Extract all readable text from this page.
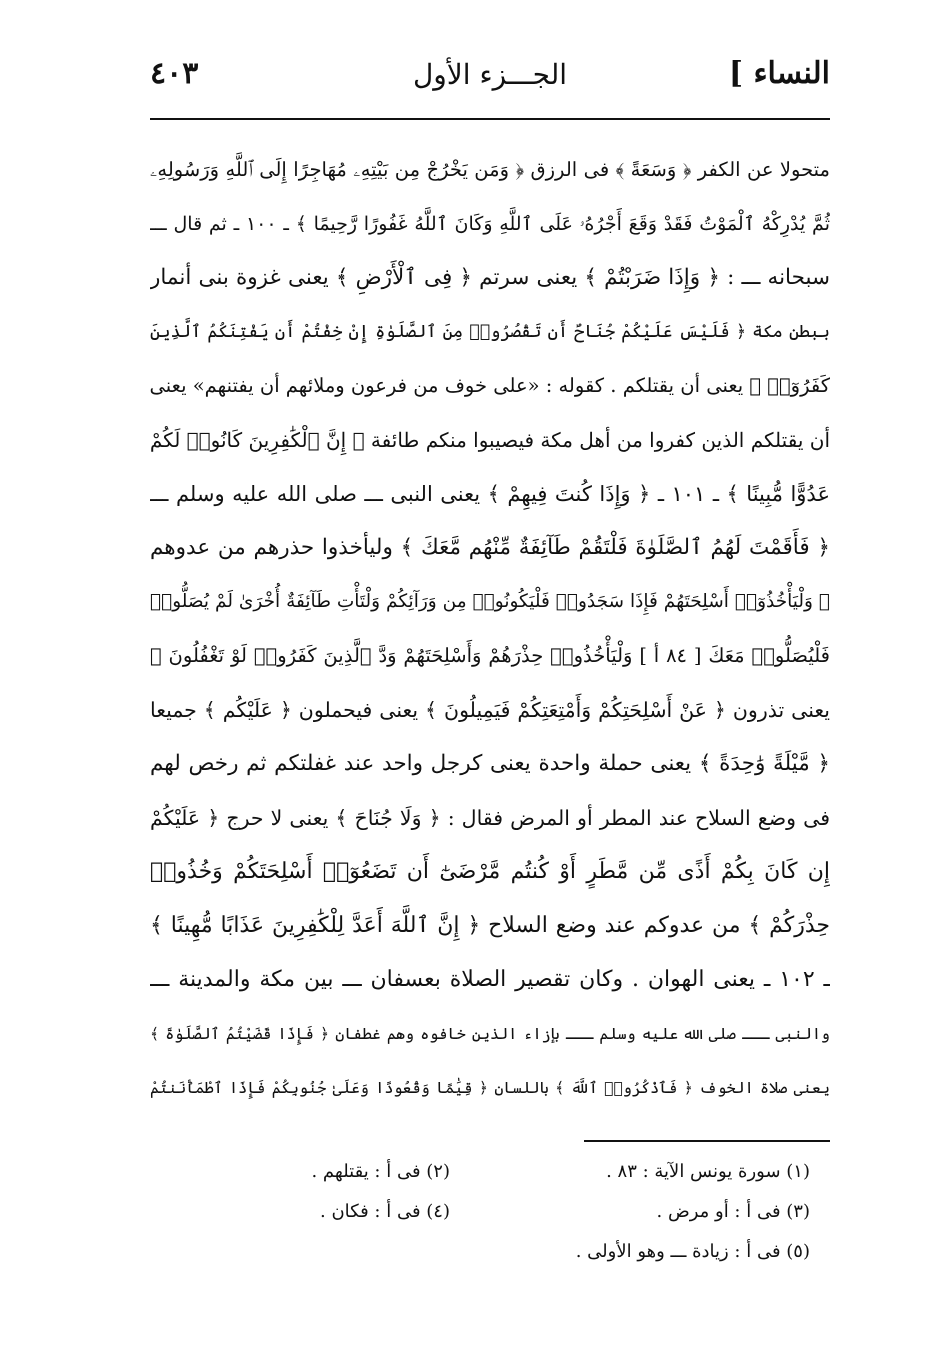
النساء ]
الجـــزء الأول
٤٠٣
متحولا عن الكفر ﴿ وَسَعَةً ﴾ فى الرزق ﴿ وَمَن يَخْرُجْ مِن بَيْتِهِۦ مُهَاجِرًا إِلَى ٱللَّهِ وَرَسُولِهِۦ
ثُمَّ يُدْرِكْهُ ٱلْمَوْتُ فَقَدْ وَقَعَ أَجْرُهُۥ عَلَى ٱللَّهِ وَكَانَ ٱللَّهُ غَفُورًا رَّحِيمًا ﴾ ـ ١٠٠ ـ ثم قال ـــ
سبحانه ـــ : ﴿ وَإِذَا ضَرَبْتُمْ ﴾ يعنى سرتم ﴿ فِى ٱلْأَرْضِ ﴾ يعنى غزوة بنى أنمار
ببطن مكة ﴿ فَلَيْسَ عَلَيْكُمْ جُنَاحٌ أَن تَقْصُرُوا۟ مِنَ ٱلصَّلَوٰةِ إِنْ خِفْتُمْ أَن يَفْتِنَكُمُ ٱلَّذِينَ
كَفَرُوٓا۟ ﴾ يعنى أن يقتلكم . كقوله : «على خوف من فرعون وملائهم أن يفتنهم» يعنى
أن يقتلكم الذين كفروا من أهل مكة فيصيبوا منكم طائفة ﴿ إِنَّ ٱلْكَٰفِرِينَ كَانُوا۟ لَكُمْ
عَدُوًّا مُّبِينًا ﴾ ـ ١٠١ ـ ﴿ وَإِذَا كُنتَ فِيهِمْ ﴾ يعنى النبى ـــ صلى الله عليه وسلم ـــ
﴿ فَأَقَمْتَ لَهُمُ ٱلصَّلَوٰةَ فَلْتَقُمْ طَآئِفَةٌ مِّنْهُم مَّعَكَ ﴾ وليأخذوا حذرهم من عدوهم
﴿ وَلْيَأْخُذُوٓا۟ أَسْلِحَتَهُمْ فَإِذَا سَجَدُوا۟ فَلْيَكُونُوا۟ مِن وَرَآئِكُمْ وَلْتَأْتِ طَآئِفَةٌ أُخْرَىٰ لَمْ يُصَلُّوا۟
فَلْيُصَلُّوا۟ مَعَكَ [ ٨٤ أ ] وَلْيَأْخُذُوا۟ حِذْرَهُمْ وَأَسْلِحَتَهُمْ وَدَّ ٱلَّذِينَ كَفَرُوا۟ لَوْ تَغْفُلُونَ ﴾
يعنى تذرون ﴿ عَنْ أَسْلِحَتِكُمْ وَأَمْتِعَتِكُمْ فَيَمِيلُونَ ﴾ يعنى فيحملون ﴿ عَلَيْكُم ﴾ جميعا
﴿ مَّيْلَةً وَٰحِدَةً ﴾ يعنى حملة واحدة يعنى كرجل واحد عند غفلتكم ثم رخص لهم
فى وضع السلاح عند المطر أو المرض فقال : ﴿ وَلَا جُنَاحَ ﴾ يعنى لا حرج ﴿ عَلَيْكُمْ
إِن كَانَ بِكُمْ أَذًى مِّن مَّطَرٍ أَوْ كُنتُم مَّرْضَىٰٓ أَن تَضَعُوٓا۟ أَسْلِحَتَكُمْ وَخُذُوا۟
حِذْرَكُمْ ﴾ من عدوكم عند وضع السلاح ﴿ إِنَّ ٱللَّهَ أَعَدَّ لِلْكَٰفِرِينَ عَذَابًا مُّهِينًا ﴾
ـ ١٠٢ ـ يعنى الهوان . وكان تقصير الصلاة بعسفان ـــ بين مكة والمدينة ـــ
والنبى ـــ صلى الله عليه وسلم ـــ بإزاء الذين خافوه وهم غطفان ﴿ فَإِذَا قَضَيْتُمُ ٱلصَّلَوٰةَ ﴾
يعنى صلاة الخوف ﴿ فَٱذْكُرُوا۟ ٱللَّهَ ﴾ باللسان ﴿ قِيَٰمًا وَقُعُودًا وَعَلَىٰ جُنُوبِكُمْ فَإِذَا ٱطْمَأْنَنتُمْ
(١) سورة يونس الآية : ٨٣ .
(٢) فى أ : يقتلهم .
(٣) فى أ : أو مرض .
(٤) فى أ : فكان .
(٥) فى أ : زيادة ـــ وهو الأولى .
